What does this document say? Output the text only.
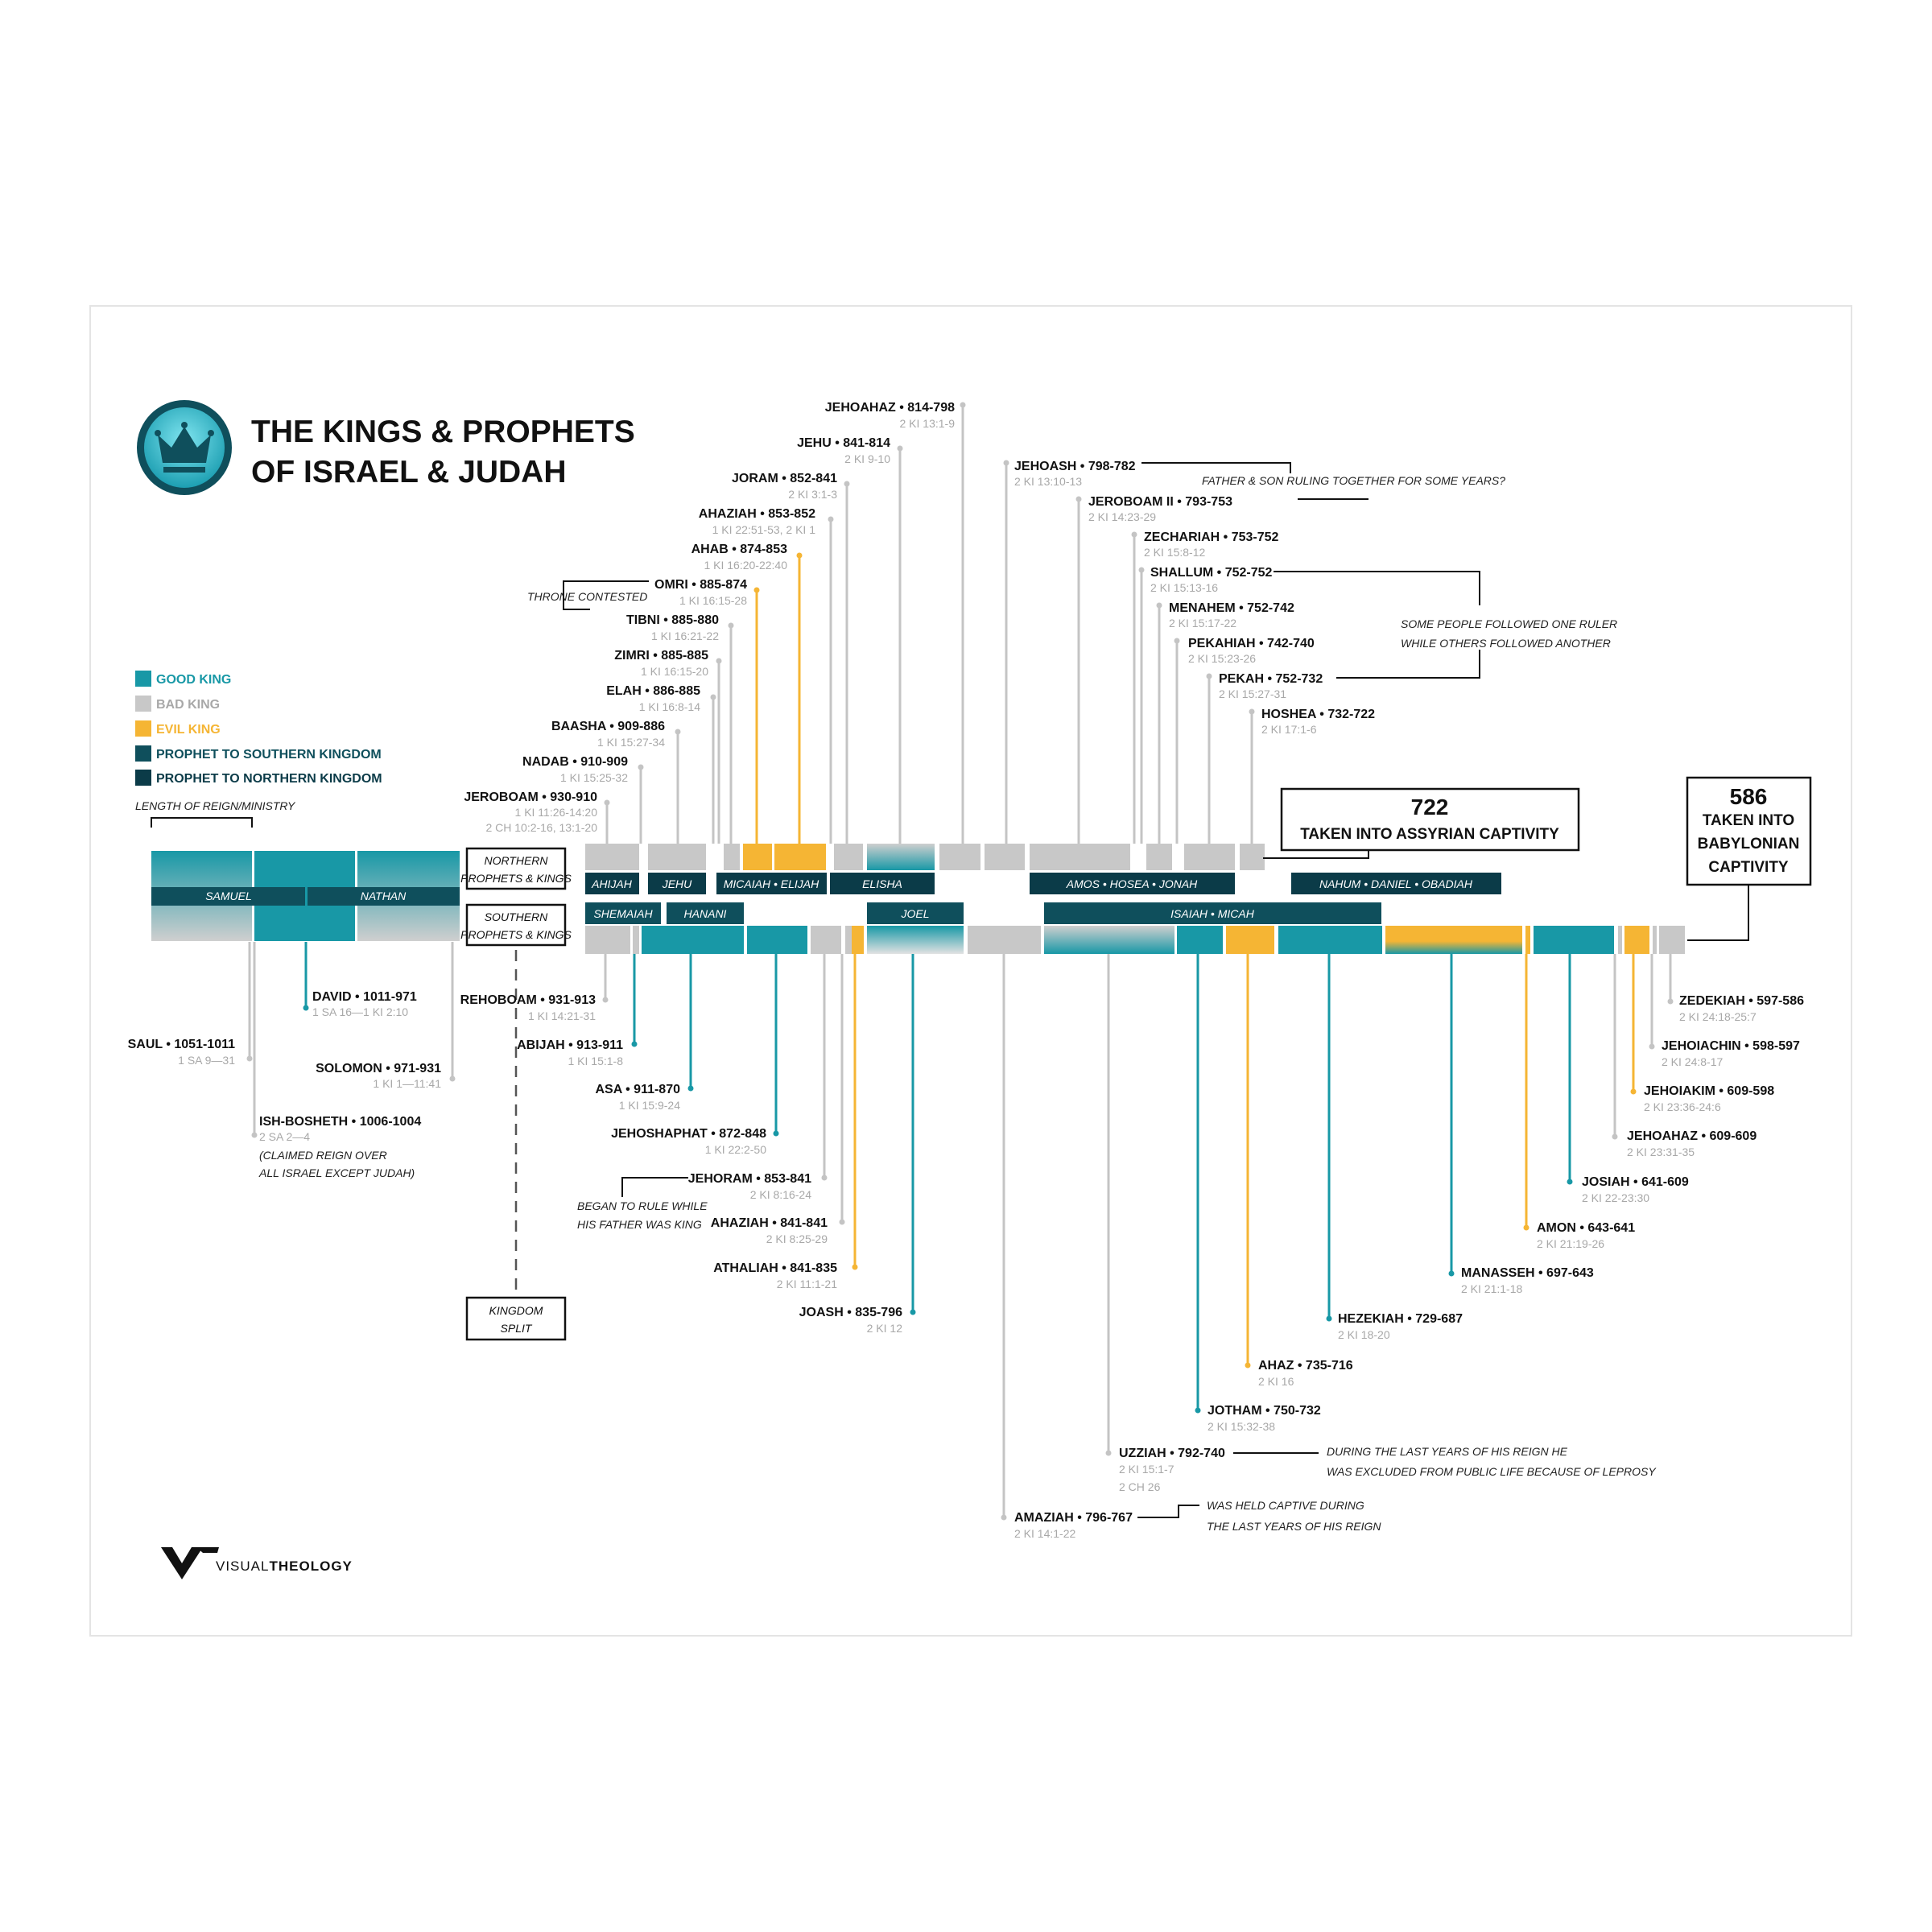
THE KINGS & PROPHETS
OF ISRAEL & JUDAH
GOOD KING
BAD KING
EVIL KING
PROPHET TO SOUTHERN KINGDOM
PROPHET TO NORTHERN KINGDOM
LENGTH OF REIGN/MINISTRY
SAMUEL	NATHAN
NORTHERN
PROPHETS & KINGS
SOUTHERN
PROPHETS & KINGS
KINGDOM
SPLIT
AHIJAH	JEHU	MICAIAH • ELIJAH	ELISHA	AMOS • HOSEA • JONAH	NAHUM • DANIEL • OBADIAH
SHEMAIAH	HANANI	JOEL	ISAIAH • MICAH
DAVID • 1011-971
1 SA 16—1 KI 2:10
SAUL • 1051-1011
1 SA 9—31
SOLOMON • 971-931
1 KI 1—11:41
ISH-BOSHETH • 1006-1004
2 SA 2—4
(CLAIMED REIGN OVER
ALL ISRAEL EXCEPT JUDAH)
JEHOAHAZ • 814-798
2 KI 13:1-9
JEHU • 841-814
2 KI 9-10
JORAM • 852-841
2 KI 3:1-3
AHAZIAH • 853-852
1 KI 22:51-53, 2 KI 1
AHAB • 874-853
1 KI 16:20-22:40
OMRI • 885-874
1 KI 16:15-28
TIBNI • 885-880
1 KI 16:21-22
ZIMRI • 885-885
1 KI 16:15-20
ELAH • 886-885
1 KI 16:8-14
BAASHA • 909-886
1 KI 15:27-34
NADAB • 910-909
1 KI 15:25-32
JEROBOAM • 930-910
1 KI 11:26-14:20
2 CH 10:2-16, 13:1-20
JEHOASH • 798-782
2 KI 13:10-13
JEROBOAM II • 793-753
2 KI 14:23-29
ZECHARIAH • 753-752
2 KI 15:8-12
SHALLUM • 752-752
2 KI 15:13-16
MENAHEM • 752-742
2 KI 15:17-22
PEKAHIAH • 742-740
2 KI 15:23-26
PEKAH • 752-732
2 KI 15:27-31
HOSHEA • 732-722
2 KI 17:1-6
REHOBOAM • 931-913
1 KI 14:21-31
ABIJAH • 913-911
1 KI 15:1-8
ASA • 911-870
1 KI 15:9-24
JEHOSHAPHAT • 872-848
1 KI 22:2-50
JEHORAM • 853-841
2 KI 8:16-24
AHAZIAH • 841-841
2 KI 8:25-29
ATHALIAH • 841-835
2 KI 11:1-21
JOASH • 835-796
2 KI 12
AMAZIAH • 796-767
2 KI 14:1-22
UZZIAH • 792-740
2 KI 15:1-7
2 CH 26
JOTHAM • 750-732
2 KI 15:32-38
AHAZ • 735-716
2 KI 16
HEZEKIAH • 729-687
2 KI 18-20
MANASSEH • 697-643
2 KI 21:1-18
AMON • 643-641
2 KI 21:19-26
JOSIAH • 641-609
2 KI 22-23:30
JEHOAHAZ • 609-609
2 KI 23:31-35
JEHOIAKIM • 609-598
2 KI 23:36-24:6
JEHOIACHIN • 598-597
2 KI 24:8-17
ZEDEKIAH • 597-586
2 KI 24:18-25:7
THRONE CONTESTED
FATHER & SON RULING TOGETHER FOR SOME YEARS?
SOME PEOPLE FOLLOWED ONE RULER
WHILE OTHERS FOLLOWED ANOTHER
BEGAN TO RULE WHILE
HIS FATHER WAS KING
DURING THE LAST YEARS OF HIS REIGN HE
WAS EXCLUDED FROM PUBLIC LIFE BECAUSE OF LEPROSY
WAS HELD CAPTIVE DURING
THE LAST YEARS OF HIS REIGN
722
TAKEN INTO ASSYRIAN CAPTIVITY
586
TAKEN INTO
BABYLONIAN
CAPTIVITY
VISUALTHEOLOGY
